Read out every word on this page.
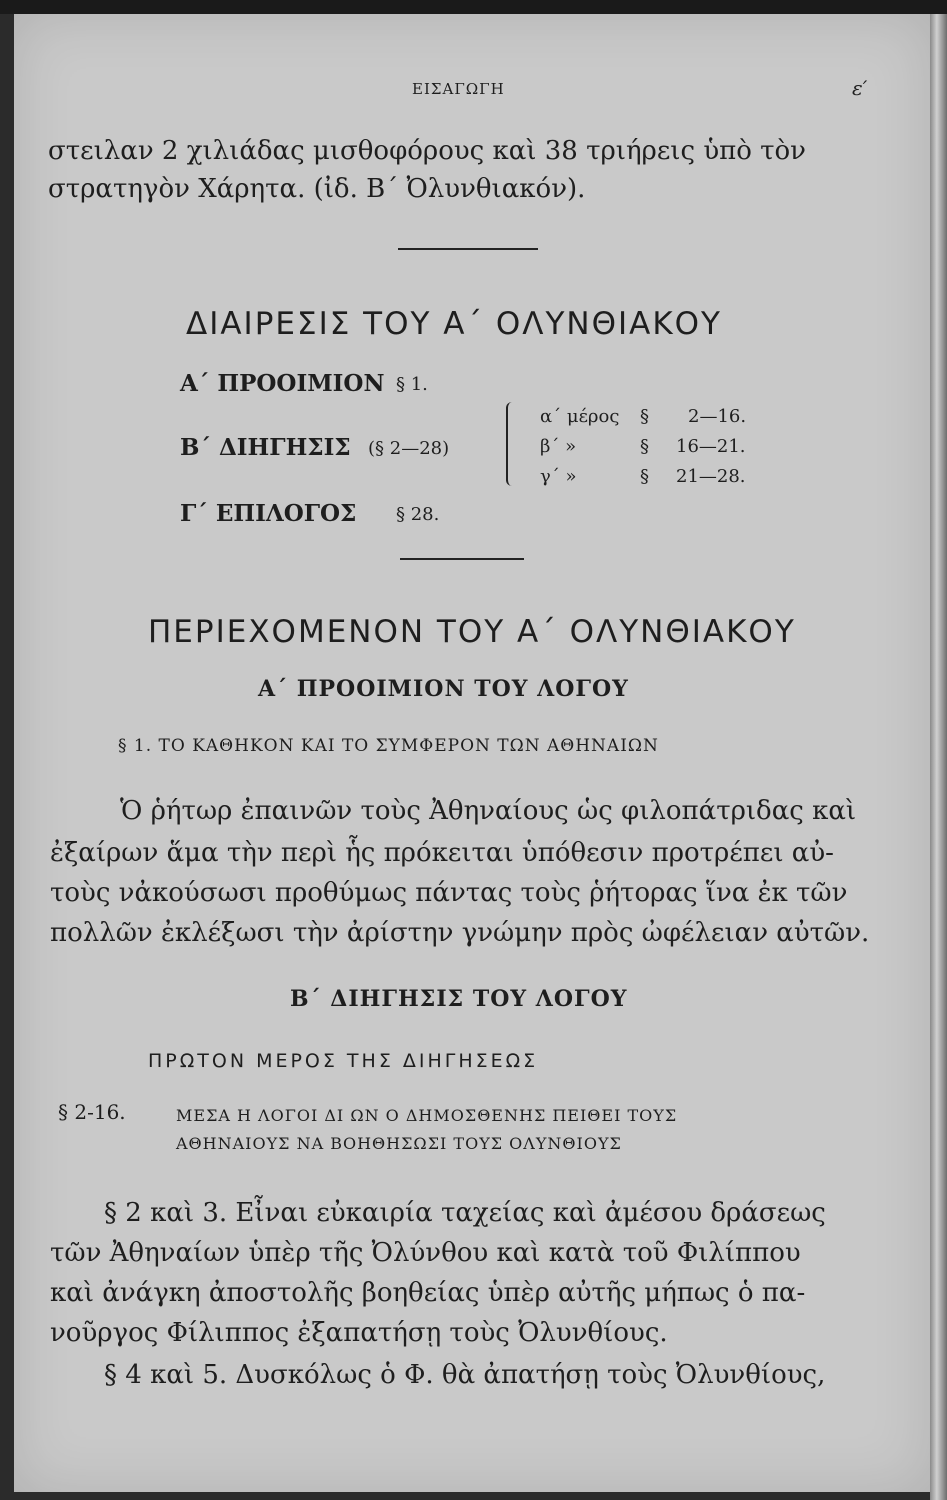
ΕΙΣΑΓΩΓΗ	ε′
στειλαν 2 χιλιάδας μισθοφόρους καὶ 38 τριήρεις ὑπὸ τὸν
στρατηγὸν Χάρητα. (ἰδ. Β΄ Ὀλυνθιακόν).
ΔΙΑΙΡΕΣΙΣ ΤΟΥ Α΄ ΟΛΥΝΘΙΑΚΟΥ
Α΄ ΠΡΟΟΙΜΙΟΝ § 1.
Β΄ ΔΙΗΓΗΣΙΣ (§ 2—28)
Γ΄ ΕΠΙΛΟΓΟΣ § 28.
α΄ μέρος § 2—16.
β΄ »	§ 16—21.
γ΄ »	§ 21—28.
ΠΕΡΙΕΧΟΜΕΝΟΝ ΤΟΥ Α΄ ΟΛΥΝΘΙΑΚΟΥ
Α΄ ΠΡΟΟΙΜΙΟΝ ΤΟΥ ΛΟΓΟΥ
§ 1. ΤΟ ΚΑΘΗΚΟΝ ΚΑΙ ΤΟ ΣΥΜΦΕΡΟΝ ΤΩΝ ΑΘΗΝΑΙΩΝ
Ὁ ῥήτωρ ἐπαινῶν τοὺς Ἀθηναίους ὡς φιλοπάτριδας καὶ
ἐξαίρων ἅμα τὴν περὶ ἧς πρόκειται ὑπόθεσιν προτρέπει αὐ-
τοὺς νἀκούσωσι προθύμως πάντας τοὺς ῥήτορας ἵνα ἐκ τῶν
πολλῶν ἐκλέξωσι τὴν ἀρίστην γνώμην πρὸς ὠφέλειαν αὐτῶν.
Β΄ ΔΙΗΓΗΣΙΣ ΤΟΥ ΛΟΓΟΥ
ΠΡΩΤΟΝ ΜΕΡΟΣ ΤΗΣ ΔΙΗΓΗΣΕΩΣ
§ 2-16.	ΜΕΣΑ Η ΛΟΓΟΙ ΔΙ ΩΝ Ο ΔΗΜΟΣΘΕΝΗΣ ΠΕΙΘΕΙ ΤΟΥΣ
ΑΘΗΝΑΙΟΥΣ ΝΑ ΒΟΗΘΗΣΩΣΙ ΤΟΥΣ ΟΛΥΝΘΙΟΥΣ
§ 2 καὶ 3. Εἶναι εὐκαιρία ταχείας καὶ ἀμέσου δράσεως
τῶν Ἀθηναίων ὑπὲρ τῆς Ὀλύνθου καὶ κατὰ τοῦ Φιλίππου
καὶ ἀνάγκη ἀποστολῆς βοηθείας ὑπὲρ αὐτῆς μήπως ὁ πα-
νοῦργος Φίλιππος ἐξαπατήσῃ τοὺς Ὀλυνθίους.
§ 4 καὶ 5. Δυσκόλως ὁ Φ. θὰ ἀπατήσῃ τοὺς Ὀλυνθίους,
